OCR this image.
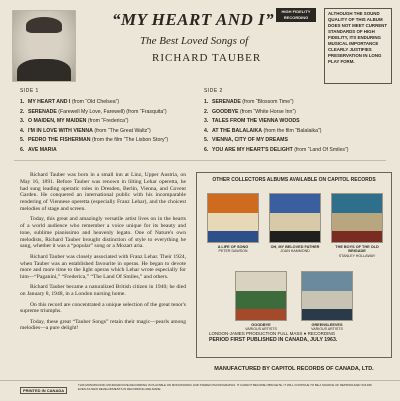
“MY HEART AND I”
The Best Loved Songs of
RICHARD TAUBER
HIGH FIDELITY RECORDING
ALTHOUGH THE SOUND QUALITY OF THIS ALBUM DOES NOT MEET CURRENT STANDARDS OF HIGH FIDELITY, ITS ENDURING MUSICAL IMPORTANCE CLEARLY JUSTIFIES PRESERVATION IN LONG PLAY FORM.
SIDE 1
1. MY HEART AND I (from “Old Chelsea”)
2. SERENADE (Farewell My Love, Farewell) (from “Frasquita”)
3. O MAIDEN, MY MAIDEN (from “Frederica”)
4. I'M IN LOVE WITH VIENNA (from “The Great Waltz”)
5. PEDRO THE FISHERMAN (from the film “The Lisbon Story”)
6. AVE MARIA
SIDE 2
1. SERENADE (from “Blossom Time”)
2. GOODBYE (from “White Horse Inn”)
3. TALES FROM THE VIENNA WOODS
4. AT THE BALALAIKA (from the film “Balalaika”)
5. VIENNA, CITY OF MY DREAMS
6. YOU ARE MY HEART'S DELIGHT (from “Land Of Smiles”)

Richard Tauber was born in a small inn at Linz, Upper Austria, on May 16, 1891. Before Tauber was renown in lilting Lehar operetta, he had sung leading operatic roles in Dresden, Berlin, Vienna, and Covent Garden. He conquered an international public with his incomparable rendering of Viennese operetta (especially Franz Lehar), and the choicest melodies of stage and screen.

Today, this great and amazingly versatile artist lives on in the hearts of a world audience who remember a voice unique for its beauty and tone, sublime pianissimo and heavenly legato. One of Nature's own melodists, Richard Tauber brought distinction of style to everything he sang, whether it was a “popular” song or a Mozart aria.

Richard Tauber was closely associated with Franz Lehar. Their 1924, when Tauber was an established favourite in operas. He began to devote more and more time to the light operas which Lehar wrote especially for him—“Paganini,” “Frederica,” “The Land Of Smiles,” and others.

Richard Tauber became a naturalized British citizen in 1940; he died on January 8, 1948, in a London nursing home.

On this record are concentrated a unique selection of the great tenor's supreme triumphs.

Today, these great “Tauber Songs” retain their magic—pearls among melodies—a pure delight!

OTHER COLLECTORS ALBUMS AVAILABLE ON CAPITOL RECORDS
A LIFE OF SONG
PETER DAWSON
OH, MY BELOVED FATHER
JOAN HAMMOND
THE BOYS OF THE OLD BRIGADE
STANLEY HOLLAWAY
GOODBYE
VARIOUS ARTISTS
GREENSLEEVES
VARIOUS ARTISTS
LONDON-JAMES PRODUCTION FULL MASS ● RECORDING
PERIOD FIRST PUBLISHED IN CANADA, JULY 1963.
MANUFACTURED BY CAPITOL RECORDS OF CANADA, LTD.
PRINTED IN CANADA
THIS MONOPHONIC MICROGROOVE RECORDING IS PLAYABLE ON MONOPHONIC AND STEREO PHONOGRAPHS. IT CANNOT BECOME OBSOLETE. IT WILL CONTINUE TO BE A SOURCE OF REPRODUCED SOUND EVEN AS NEW DEVELOPMENTS IN RECORDING ARE MADE.
